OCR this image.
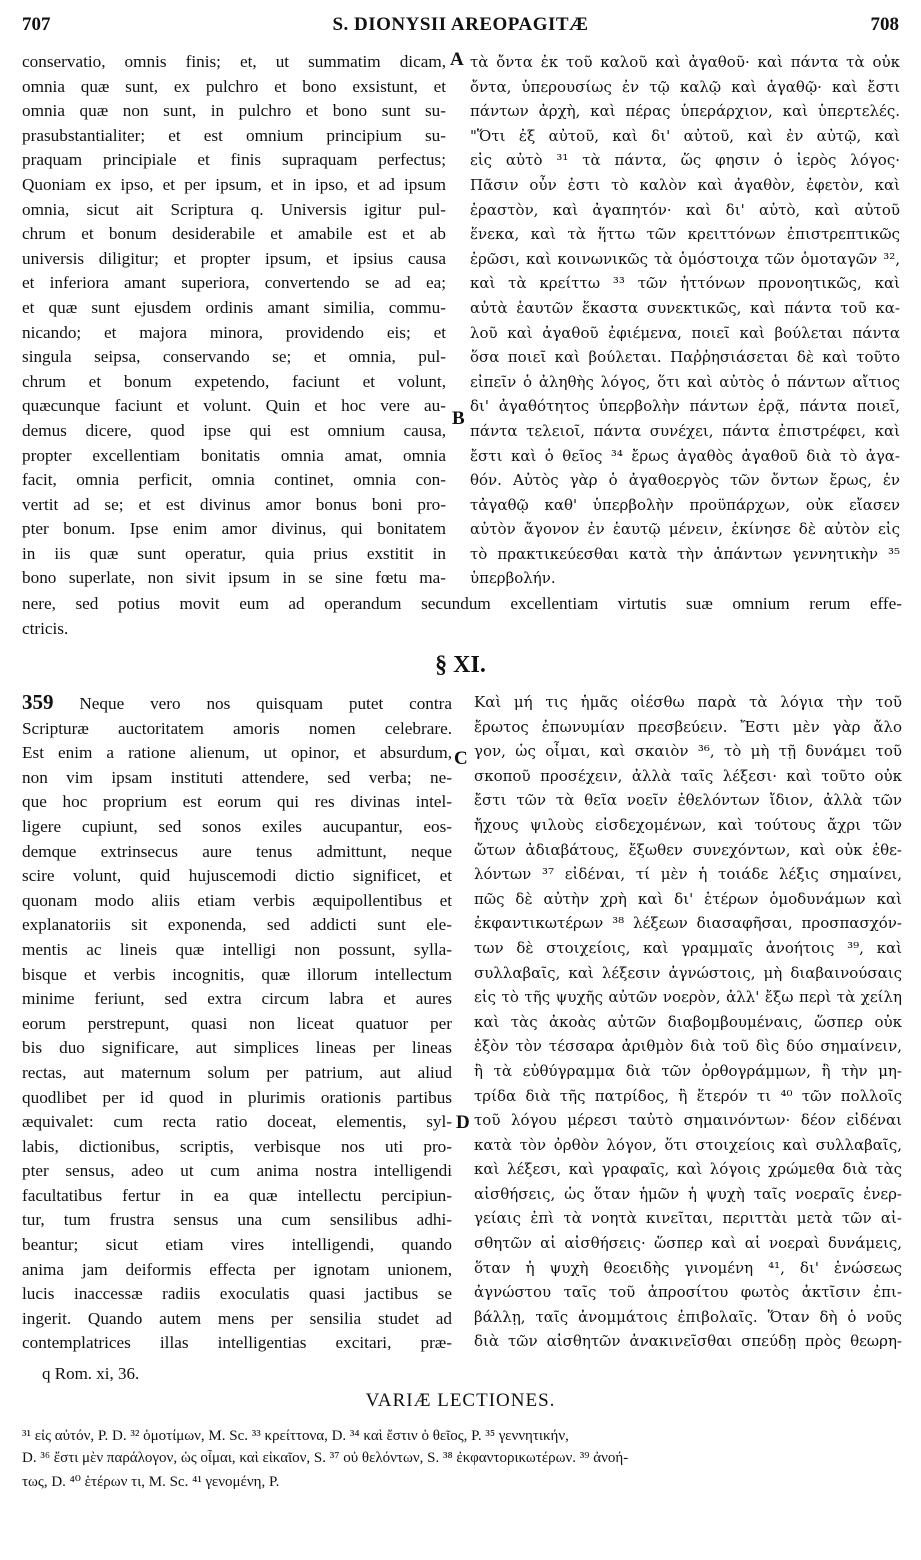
707	S. DIONYSII AREOPAGITÆ	708
conservatio, omnis finis; et, ut summatim dicam,
omnia quæ sunt, ex pulchro et bono exsistunt, et
omnia quæ non sunt, in pulchro et bono sunt su-
prasubstantialiter; et est omnium principium su-
praquam principiale et finis supraquam perfectus;
Quoniam ex ipso, et per ipsum, et in ipso, et ad ipsum
omnia, sicut ait Scriptura q. Universis igitur pul-
chrum et bonum desiderabile et amabile est et ab
universis diligitur; et propter ipsum, et ipsius causa
et inferiora amant superiora, convertendo se ad ea;
et quæ sunt ejusdem ordinis amant similia, commu-
nicando; et majora minora, providendo eis; et
singula seipsa, conservando se; et omnia, pul-
chrum et bonum expetendo, faciunt et volunt,
quæcunque faciunt et volunt. Quin et hoc vere au-
demus dicere, quod ipse qui est omnium causa,
propter excellentiam bonitatis omnia amat, omnia
facit, omnia perficit, omnia continet, omnia con-
vertit ad se; et est divinus amor bonus boni pro-
pter bonum. Ipse enim amor divinus, qui bonitatem
in iis quæ sunt operatur, quia prius exstitit in
bono superlate, non sivit ipsum in se sine fœtu ma-
τὰ ὄντα ἐκ τοῦ καλοῦ καὶ ἀγαθοῦ· καὶ πάντα τὰ οὐκ
ὄντα, ὑπερουσίως ἐν τῷ καλῷ καὶ ἀγαθῷ· καὶ ἔστι
πάντων ἀρχὴ, καὶ πέρας ὑπεράρχιον, καὶ ὑπερτελές.
"Ὅτι ἐξ αὐτοῦ, καὶ δι' αὐτοῦ, καὶ ἐν αὐτῷ, καὶ
εἰς αὐτὸ ³¹ τὰ πάντα, ὥς φησιν ὁ ἱερὸς λόγος·
Πᾶσιν οὖν ἐστι τὸ καλὸν καὶ ἀγαθὸν, ἐφετὸν, καὶ
ἐραστὸν, καὶ ἀγαπητόν· καὶ δι' αὐτὸ, καὶ αὐτοῦ
ἕνεκα, καὶ τὰ ἥττω τῶν κρειττόνων ἐπιστρεπτικῶς
ἐρῶσι, καὶ κοινωνικῶς τὰ ὁμόστοιχα τῶν ὁμοταγῶν ³²,
καὶ τὰ κρείττω ³³ τῶν ἡττόνων προνοητικῶς, καὶ
αὐτὰ ἑαυτῶν ἕκαστα συνεκτικῶς, καὶ πάντα τοῦ κα-
λοῦ καὶ ἀγαθοῦ ἐφιέμενα, ποιεῖ καὶ βούλεται πάντα
ὅσα ποιεῖ καὶ βούλεται. Παῤῥησιάσεται δὲ καὶ τοῦτο
εἰπεῖν ὁ ἀληθὴς λόγος, ὅτι καὶ αὐτὸς ὁ πάντων αἴτιος
δι' ἀγαθότητος ὑπερβολὴν πάντων ἐρᾷ, πάντα ποιεῖ,
πάντα τελειοῖ, πάντα συνέχει, πάντα ἐπιστρέφει, καὶ
ἔστι καὶ ὁ θεῖος ³⁴ ἔρως ἀγαθὸς ἀγαθοῦ διὰ τὸ ἀγα-
θόν. Αὐτὸς γὰρ ὁ ἀγαθοεργὸς τῶν ὄντων ἔρως, ἐν
τἀγαθῷ καθ' ὑπερβολὴν προϋπάρχων, οὐκ εἴασεν
αὐτὸν ἄγονον ἐν ἑαυτῷ μένειν, ἐκίνησε δὲ αὐτὸν εἰς
τὸ πρακτικεύεσθαι κατὰ τὴν ἁπάντων γεννητικὴν ³⁵
ὑπερβολήν.
nere, sed potius movit eum ad operandum secundum excellentiam virtutis suæ omnium rerum effe-
ctricis.
A
B
C
D
§ XI.
359 Neque vero nos quisquam putet contra
Scripturæ auctoritatem amoris nomen celebrare.
Est enim a ratione alienum, ut opinor, et absurdum,
non vim ipsam instituti attendere, sed verba; ne-
que hoc proprium est eorum qui res divinas intel-
ligere cupiunt, sed sonos exiles aucupantur, eos-
demque extrinsecus aure tenus admittunt, neque
scire volunt, quid hujuscemodi dictio significet, et
quonam modo aliis etiam verbis æquipollentibus et
explanatoriis sit exponenda, sed addicti sunt ele-
mentis ac lineis quæ intelligi non possunt, sylla-
bisque et verbis incognitis, quæ illorum intellectum
minime feriunt, sed extra circum labra et aures
eorum perstrepunt, quasi non liceat quatuor per
bis duo significare, aut simplices lineas per lineas
rectas, aut maternum solum per patrium, aut aliud
quodlibet per id quod in plurimis orationis partibus
æquivalet: cum recta ratio doceat, elementis, syl-
labis, dictionibus, scriptis, verbisque nos uti pro-
pter sensus, adeo ut cum anima nostra intelligendi
facultatibus fertur in ea quæ intellectu percipiun-
tur, tum frustra sensus una cum sensilibus adhi-
beantur; sicut etiam vires intelligendi, quando
anima jam deiformis effecta per ignotam unionem,
lucis inaccessæ radiis exoculatis quasi jactibus se
ingerit. Quando autem mens per sensilia studet ad
contemplatrices illas intelligentias excitari, præ-
Καὶ μή τις ἡμᾶς οἰέσθω παρὰ τὰ λόγια τὴν τοῦ
ἔρωτος ἐπωνυμίαν πρεσβεύειν. Ἔστι μὲν γὰρ ἄλο
γον, ὡς οἶμαι, καὶ σκαιὸν ³⁶, τὸ μὴ τῇ δυνάμει τοῦ
σκοποῦ προσέχειν, ἀλλὰ ταῖς λέξεσι· καὶ τοῦτο οὐκ
ἔστι τῶν τὰ θεῖα νοεῖν ἐθελόντων ἴδιον, ἀλλὰ τῶν
ἤχους ψιλοὺς εἰσδεχομένων, καὶ τούτους ἄχρι τῶν
ὤτων ἀδιαβάτους, ἔξωθεν συνεχόντων, καὶ οὐκ ἐθε-
λόντων ³⁷ εἰδέναι, τί μὲν ἡ τοιάδε λέξις σημαίνει,
πῶς δὲ αὐτὴν χρὴ καὶ δι' ἑτέρων ὁμοδυνάμων καὶ
ἐκφαντικωτέρων ³⁸ λέξεων διασαφῆσαι, προσπασχόν-
των δὲ στοιχείοις, καὶ γραμμαῖς ἀνοήτοις ³⁹, καὶ
συλλαβαῖς, καὶ λέξεσιν ἀγνώστοις, μὴ διαβαινούσαις
εἰς τὸ τῆς ψυχῆς αὐτῶν νοερὸν, ἀλλ' ἔξω περὶ τὰ χείλη
καὶ τὰς ἀκοὰς αὐτῶν διαβομβουμέναις, ὥσπερ οὐκ
ἐξὸν τὸν τέσσαρα ἀριθμὸν διὰ τοῦ δὶς δύο σημαίνειν,
ἢ τὰ εὐθύγραμμα διὰ τῶν ὀρθογράμμων, ἢ τὴν μη-
τρίδα διὰ τῆς πατρίδος, ἢ ἕτερόν τι ⁴⁰ τῶν πολλοῖς
τοῦ λόγου μέρεσι ταὐτὸ σημαινόντων· δέον εἰδέναι
κατὰ τὸν ὀρθὸν λόγον, ὅτι στοιχείοις καὶ συλλαβαῖς,
καὶ λέξεσι, καὶ γραφαῖς, καὶ λόγοις χρώμεθα διὰ τὰς
αἰσθήσεις, ὡς ὅταν ἡμῶν ἡ ψυχὴ ταῖς νοεραῖς ἐνερ-
γείαις ἐπὶ τὰ νοητὰ κινεῖται, περιττὰι μετὰ τῶν αἰ-
σθητῶν αἱ αἰσθήσεις· ὥσπερ καὶ αἱ νοεραὶ δυνάμεις,
ὅταν ἡ ψυχὴ θεοειδὴς γινομένη ⁴¹, δι' ἑνώσεως
ἀγνώστου ταῖς τοῦ ἀπροσίτου φωτὸς ἀκτῖσιν ἐπι-
βάλλῃ, ταῖς ἀνομμάτοις ἐπιβολαῖς. Ὅταν δὴ ὁ νοῦς
διὰ τῶν αἰσθητῶν ἀνακινεῖσθαι σπεύδῃ πρὸς θεωρη-
q Rom. xi, 36.
VARIÆ LECTIONES.
³¹ εἰς αὐτόν, P. D. ³² ὁμοτίμων, M. Sc. ³³ κρείττονα, D. ³⁴ καὶ ἔστιν ὁ θεῖος, P. ³⁵ γεννητικήν,
D. ³⁶ ἔστι μὲν παράλογον, ὡς οἶμαι, καὶ εἰκαῖον, S. ³⁷ οὐ θελόντων, S. ³⁸ ἐκφαντορικωτέρων. ³⁹ ἀνοή-
τως, D. ⁴⁰ ἑτέρων τι, M. Sc. ⁴¹ γενομένη, P.
